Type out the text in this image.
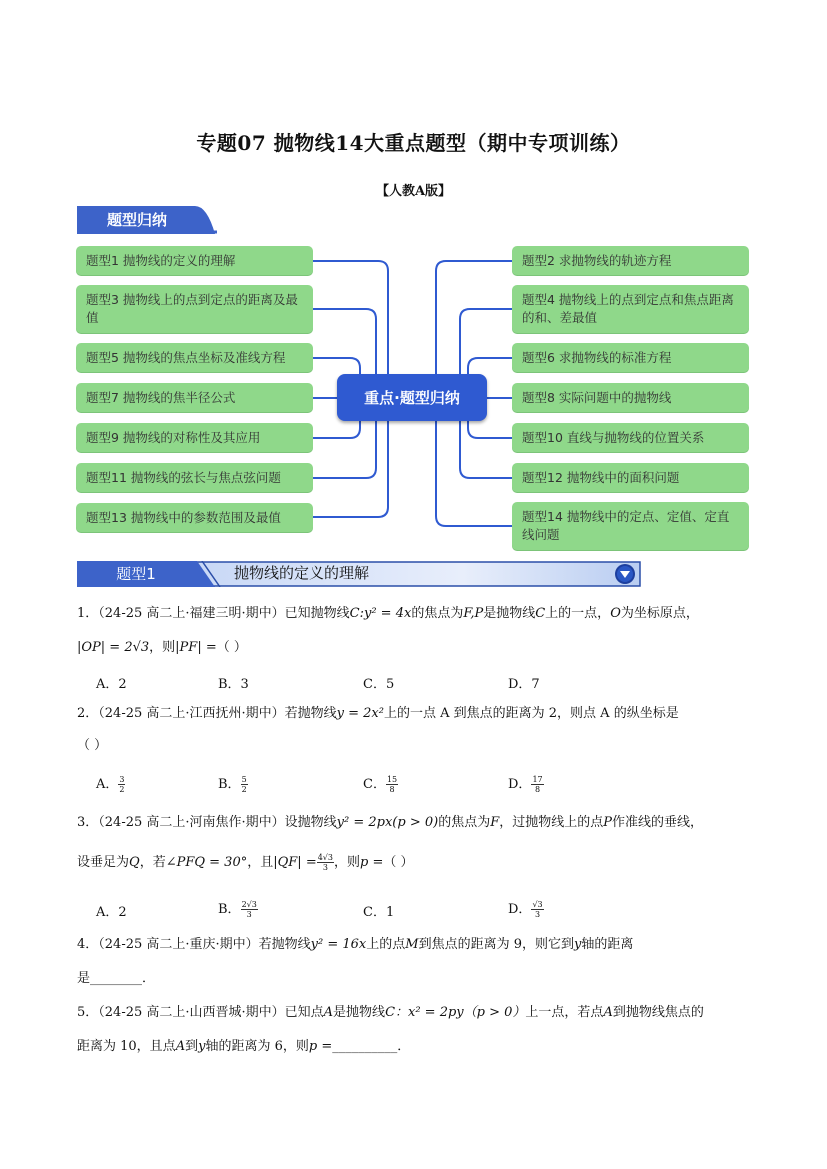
专题07 抛物线14大重点题型（期中专项训练）
【人教A版】
题型归纳
题型1 抛物线的定义的理解
题型3 抛物线上的点到定点的距离及最值
题型5 抛物线的焦点坐标及准线方程
题型7 抛物线的焦半径公式
题型9 抛物线的对称性及其应用
题型11 抛物线的弦长与焦点弦问题
题型13 抛物线中的参数范围及最值
题型2 求抛物线的轨迹方程
题型4 抛物线上的点到定点和焦点距离的和、差最值
题型6 求抛物线的标准方程
题型8 实际问题中的抛物线
题型10 直线与抛物线的位置关系
题型12 抛物线中的面积问题
题型14 抛物线中的定点、定值、定直线问题
重点·题型归纳
题型1	抛物线的定义的理解
1．（24-25 高二上·福建三明·期中）已知抛物线C:y² = 4x的焦点为F,P是抛物线C上的一点，O为坐标原点，
|OP| = 2√3，则|PF| =（ ）
A．2	B．3	C．5	D．7
2．（24-25 高二上·江西抚州·期中）若抛物线y = 2x²上的一点 A 到焦点的距离为 2，则点 A 的纵坐标是
（ ）
A． $\frac{3}{2}$	B． $\frac{5}{2}$	C． $\frac{15}{8}$	D． $\frac{17}{8}$
3．（24-25 高二上·河南焦作·期中）设抛物线y² = 2px(p > 0)的焦点为F，过抛物线上的点P作准线的垂线，
设垂足为Q，若∠PFQ = 30°，且$|QF| = \frac{4√3}{3}$ ，则p =（ ）
A．2	B． $\frac{2√3}{3}$	C．1	D． $\frac{√3}{3}$
4．（24-25 高二上·重庆·期中）若抛物线y² = 16x上的点M到焦点的距离为 9，则它到y轴的距离
是________．
5．（24-25 高二上·山西晋城·期中）已知点A是抛物线C：x² = 2py（p > 0）上一点，若点A到抛物线焦点的
距离为 10，且点A到y轴的距离为 6，则p =__________．
